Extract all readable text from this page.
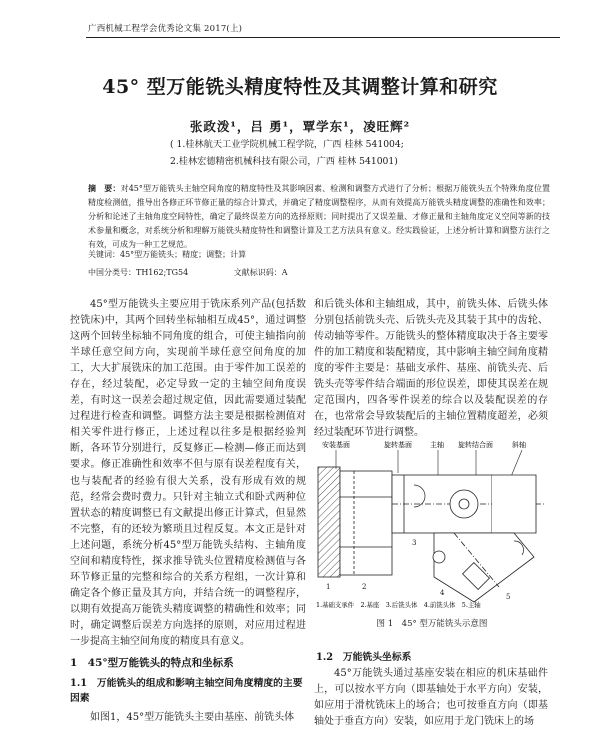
广西机械工程学会优秀论文集 2017(上)
45° 型万能铣头精度特性及其调整计算和研究
张政泼¹，吕 勇¹，覃学东¹，凌旺辉²
( 1.桂林航天工业学院机械工程学院，广西 桂林 541004;
2.桂林宏德精密机械科技有限公司，广西 桂林 541001)
摘　要：对45°型万能铣头主轴空间角度的精度特性及其影响因素、检测和调整方式进行了分析；根据万能铣头五个特殊角度位置精度检测值，推导出各修正环节修正量的综合计算式，并确定了精度调整程序，从而有效提高万能铣头精度调整的准确性和效率；分析和论述了主轴角度空间特性，确定了最终误差方向的选择原则；同时提出了又误差量、才修正量和主轴角度定义空间等新的技术参量和概念，对系统分析和理解万能铣头精度特性和调整计算及工艺方法具有意义。经实践验证，上述分析计算和调整方法行之有效，可成为一种工艺规范。
关键词：45°型万能铣头；精度；调整；计算
中国分类号：TH162;TG54	文献标识码：A

45°型万能铣头主要应用于铣床系列产品(包括数控铣床)中，其两个回转坐标轴相互成45°，通过调整这两个回转坐标轴不同角度的组合，可使主轴指向前半球任意空间方向，实现前半球任意空间角度的加工，大大扩展铣床的加工范围。由于零件加工误差的存在，经过装配，必定导致一定的主轴空间角度误差，有时这一误差会超过规定值，因此需要通过装配过程进行检查和调整。调整方法主要是根据检测值对相关零件进行修正，上述过程以往多是根据经验判断，各环节分别进行，反复修正—检测—修正而达到要求。修正准确性和效率不但与原有误差程度有关，也与装配者的经验有很大关系，没有形成有效的规范，经常会费时费力。只针对主轴立式和卧式两种位置状态的精度调整已有文献提出修正计算式，但显然不完整，有的还较为繁琐且过程反复。本文正是针对上述问题，系统分析45°型万能铣头结构、主轴角度空间和精度特性，探求推导铣头位置精度检测值与各环节修正量的完整和综合的关系方程组，一次计算和确定各个修正量及其方向，并结合统一的调整程序，以期有效提高万能铣头精度调整的精确性和效率；同时，确定调整后误差方向选择的原则，对应用过程进一步提高主轴空间角度的精度具有意义。

1　45°型万能铣头的特点和坐标系
1.1　万能铣头的组成和影响主轴空间角度精度的主要因素
如图1，45°型万能铣头主要由基座、前铣头体

和后铣头体和主轴组成，其中，前铣头体、后铣头体分别包括前铣头壳、后铣头壳及其装于其中的齿轮、传动轴等零件。万能铣头的整体精度取决于各主要零件的加工精度和装配精度，其中影响主轴空间角度精度的零件主要是：基础支承件、基座、前铣头壳、后铣头壳等零件结合端面的形位误差，即使其误差在规定范围内，四各零件误差的综合以及装配误差的存在，也常常会导致装配后的主轴位置精度超差，必须经过装配环节进行调整。

安装基面	旋转基面	主轴 旋转结合面	斜轴
1	2
3
4	5
1.基础支承件　2.基座　3.后铣头体　4.前铣头体　5.主轴
图 1　45° 型万能铣头示意图
1.2　万能铣头坐标系

45°万能铣头通过基座安装在相应的机床基础件上，可以按水平方向（即基轴处于水平方向）安装，如应用于滑枕铣床上的场合；也可按垂直方向（即基轴处于垂直方向）安装，如应用于龙门铣床上的场
